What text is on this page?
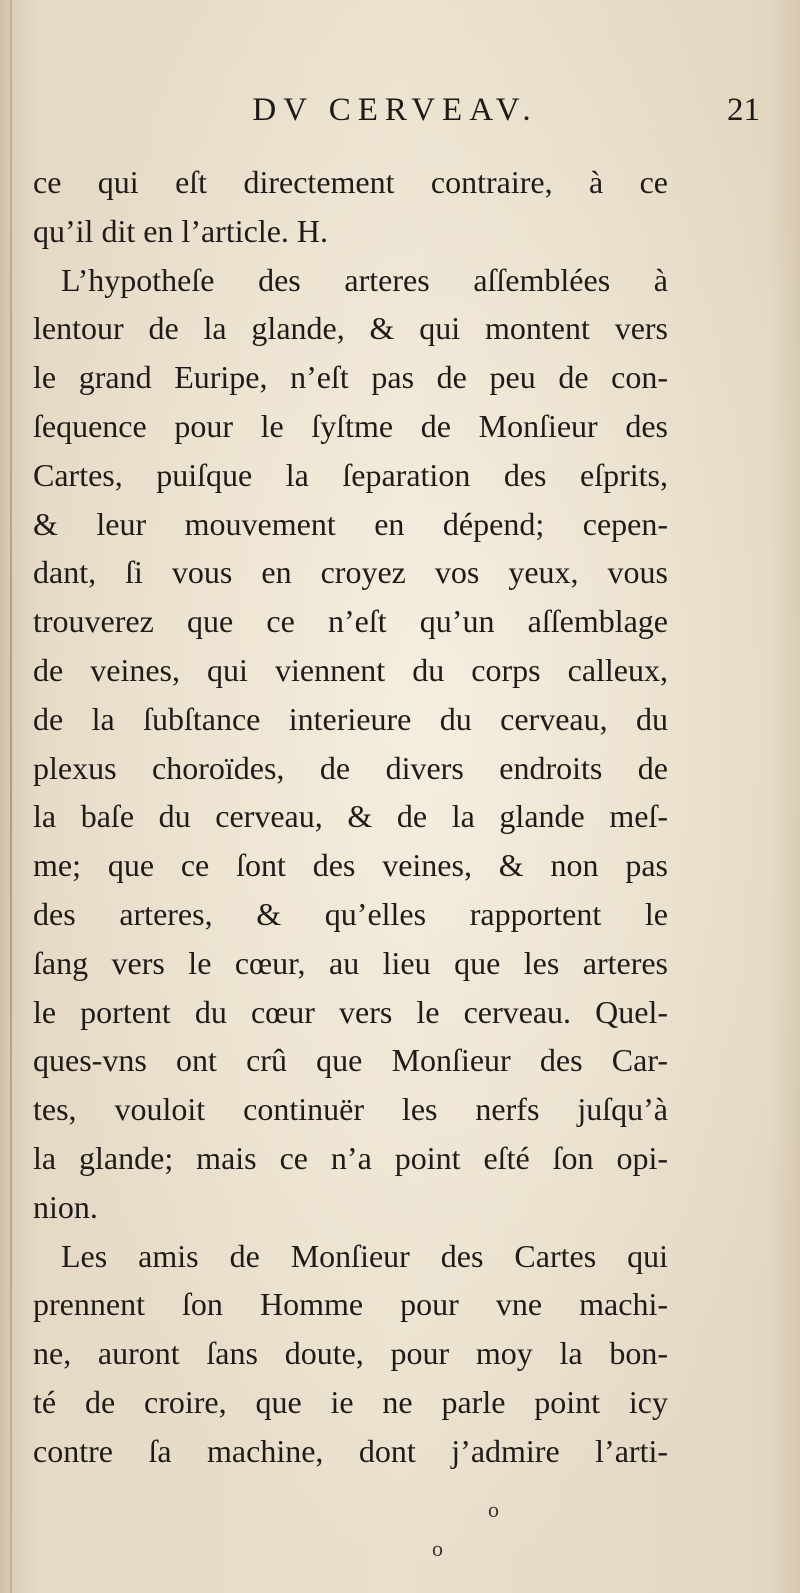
DV CERVEAV.	21
ce qui eſt directement contraire, à ce
qu’il dit en l’article. H.
L’hypotheſe des arteres aſſemblées à
lentour de la glande, & qui montent vers
le grand Euripe, n’eſt pas de peu de con-
ſequence pour le ſyſtme de Monſieur des
Cartes, puiſque la ſeparation des eſprits,
& leur mouvement en dépend; cepen-
dant, ſi vous en croyez vos yeux, vous
trouverez que ce n’eſt qu’un aſſemblage
de veines, qui viennent du corps calleux,
de la ſubſtance interieure du cerveau, du
plexus choroïdes, de divers endroits de
la baſe du cerveau, & de la glande meſ-
me; que ce ſont des veines, & non pas
des arteres, & qu’elles rapportent le
ſang vers le cœur, au lieu que les arteres
le portent du cœur vers le cerveau. Quel-
ques-vns ont crû que Monſieur des Car-
tes, vouloit continuër les nerfs juſqu’à
la glande; mais ce n’a point eſté ſon opi-
nion.
Les amis de Monſieur des Cartes qui
prennent ſon Homme pour vne machi-
ne, auront ſans doute, pour moy la bon-
té de croire, que ie ne parle point icy
contre ſa machine, dont j’admire l’arti-
o
o
